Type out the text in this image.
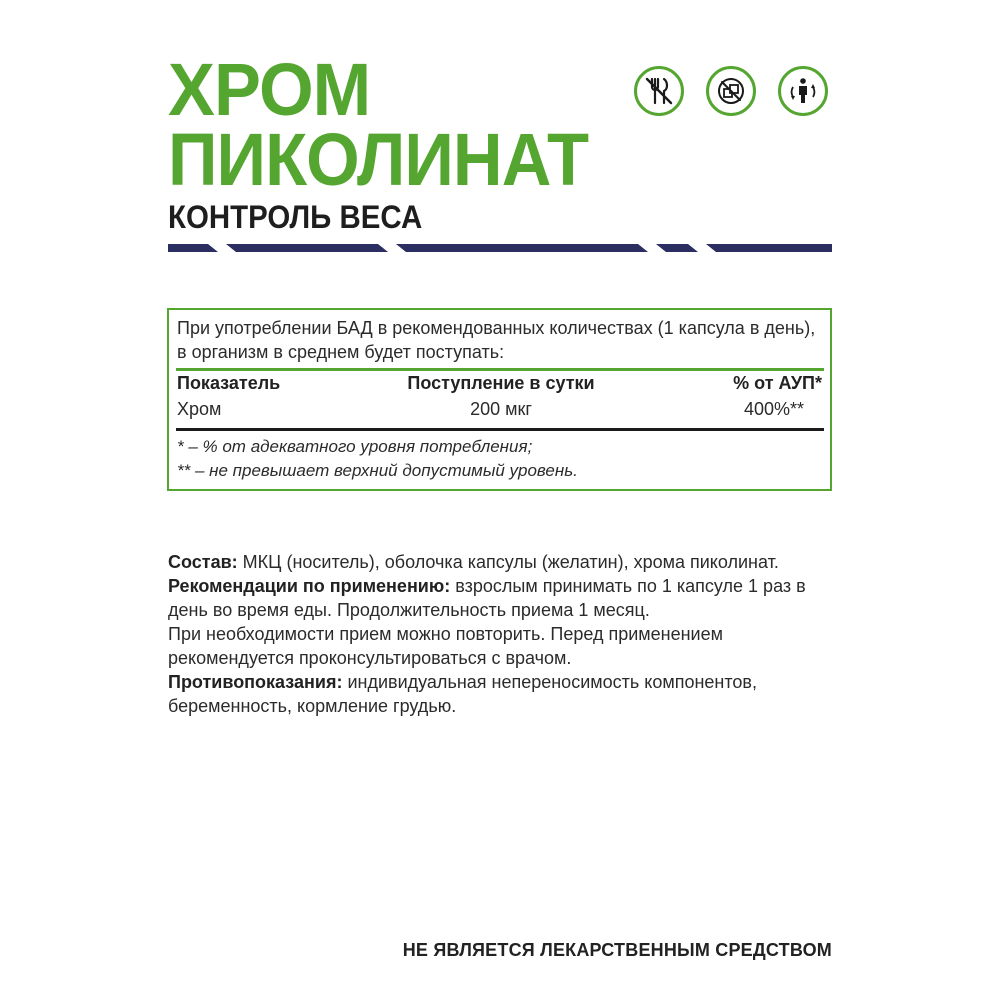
ХРОМ
ПИКОЛИНАТ
КОНТРОЛЬ ВЕСА
При употреблении БАД в рекомендованных количествах (1 капсула в день), в организм в среднем будет поступать:
Показатель	Поступление в сутки	% от АУП*
Хром	200 мкг	400%**
* – % от адекватного уровня потребления;
** – не превышает верхний допустимый уровень.

Состав: МКЦ (носитель), оболочка капсулы (желатин), хрома пиколинат.

Рекомендации по применению: взрослым принимать по 1 капсуле 1 раз в день во время еды. Продолжительность приема 1 месяц.

При необходимости прием можно повторить. Перед применением рекомендуется проконсультироваться с врачом.

Противопоказания: индивидуальная непереносимость компонентов, беременность, кормление грудью.

НЕ ЯВЛЯЕТСЯ ЛЕКАРСТВЕННЫМ СРЕДСТВОМ
